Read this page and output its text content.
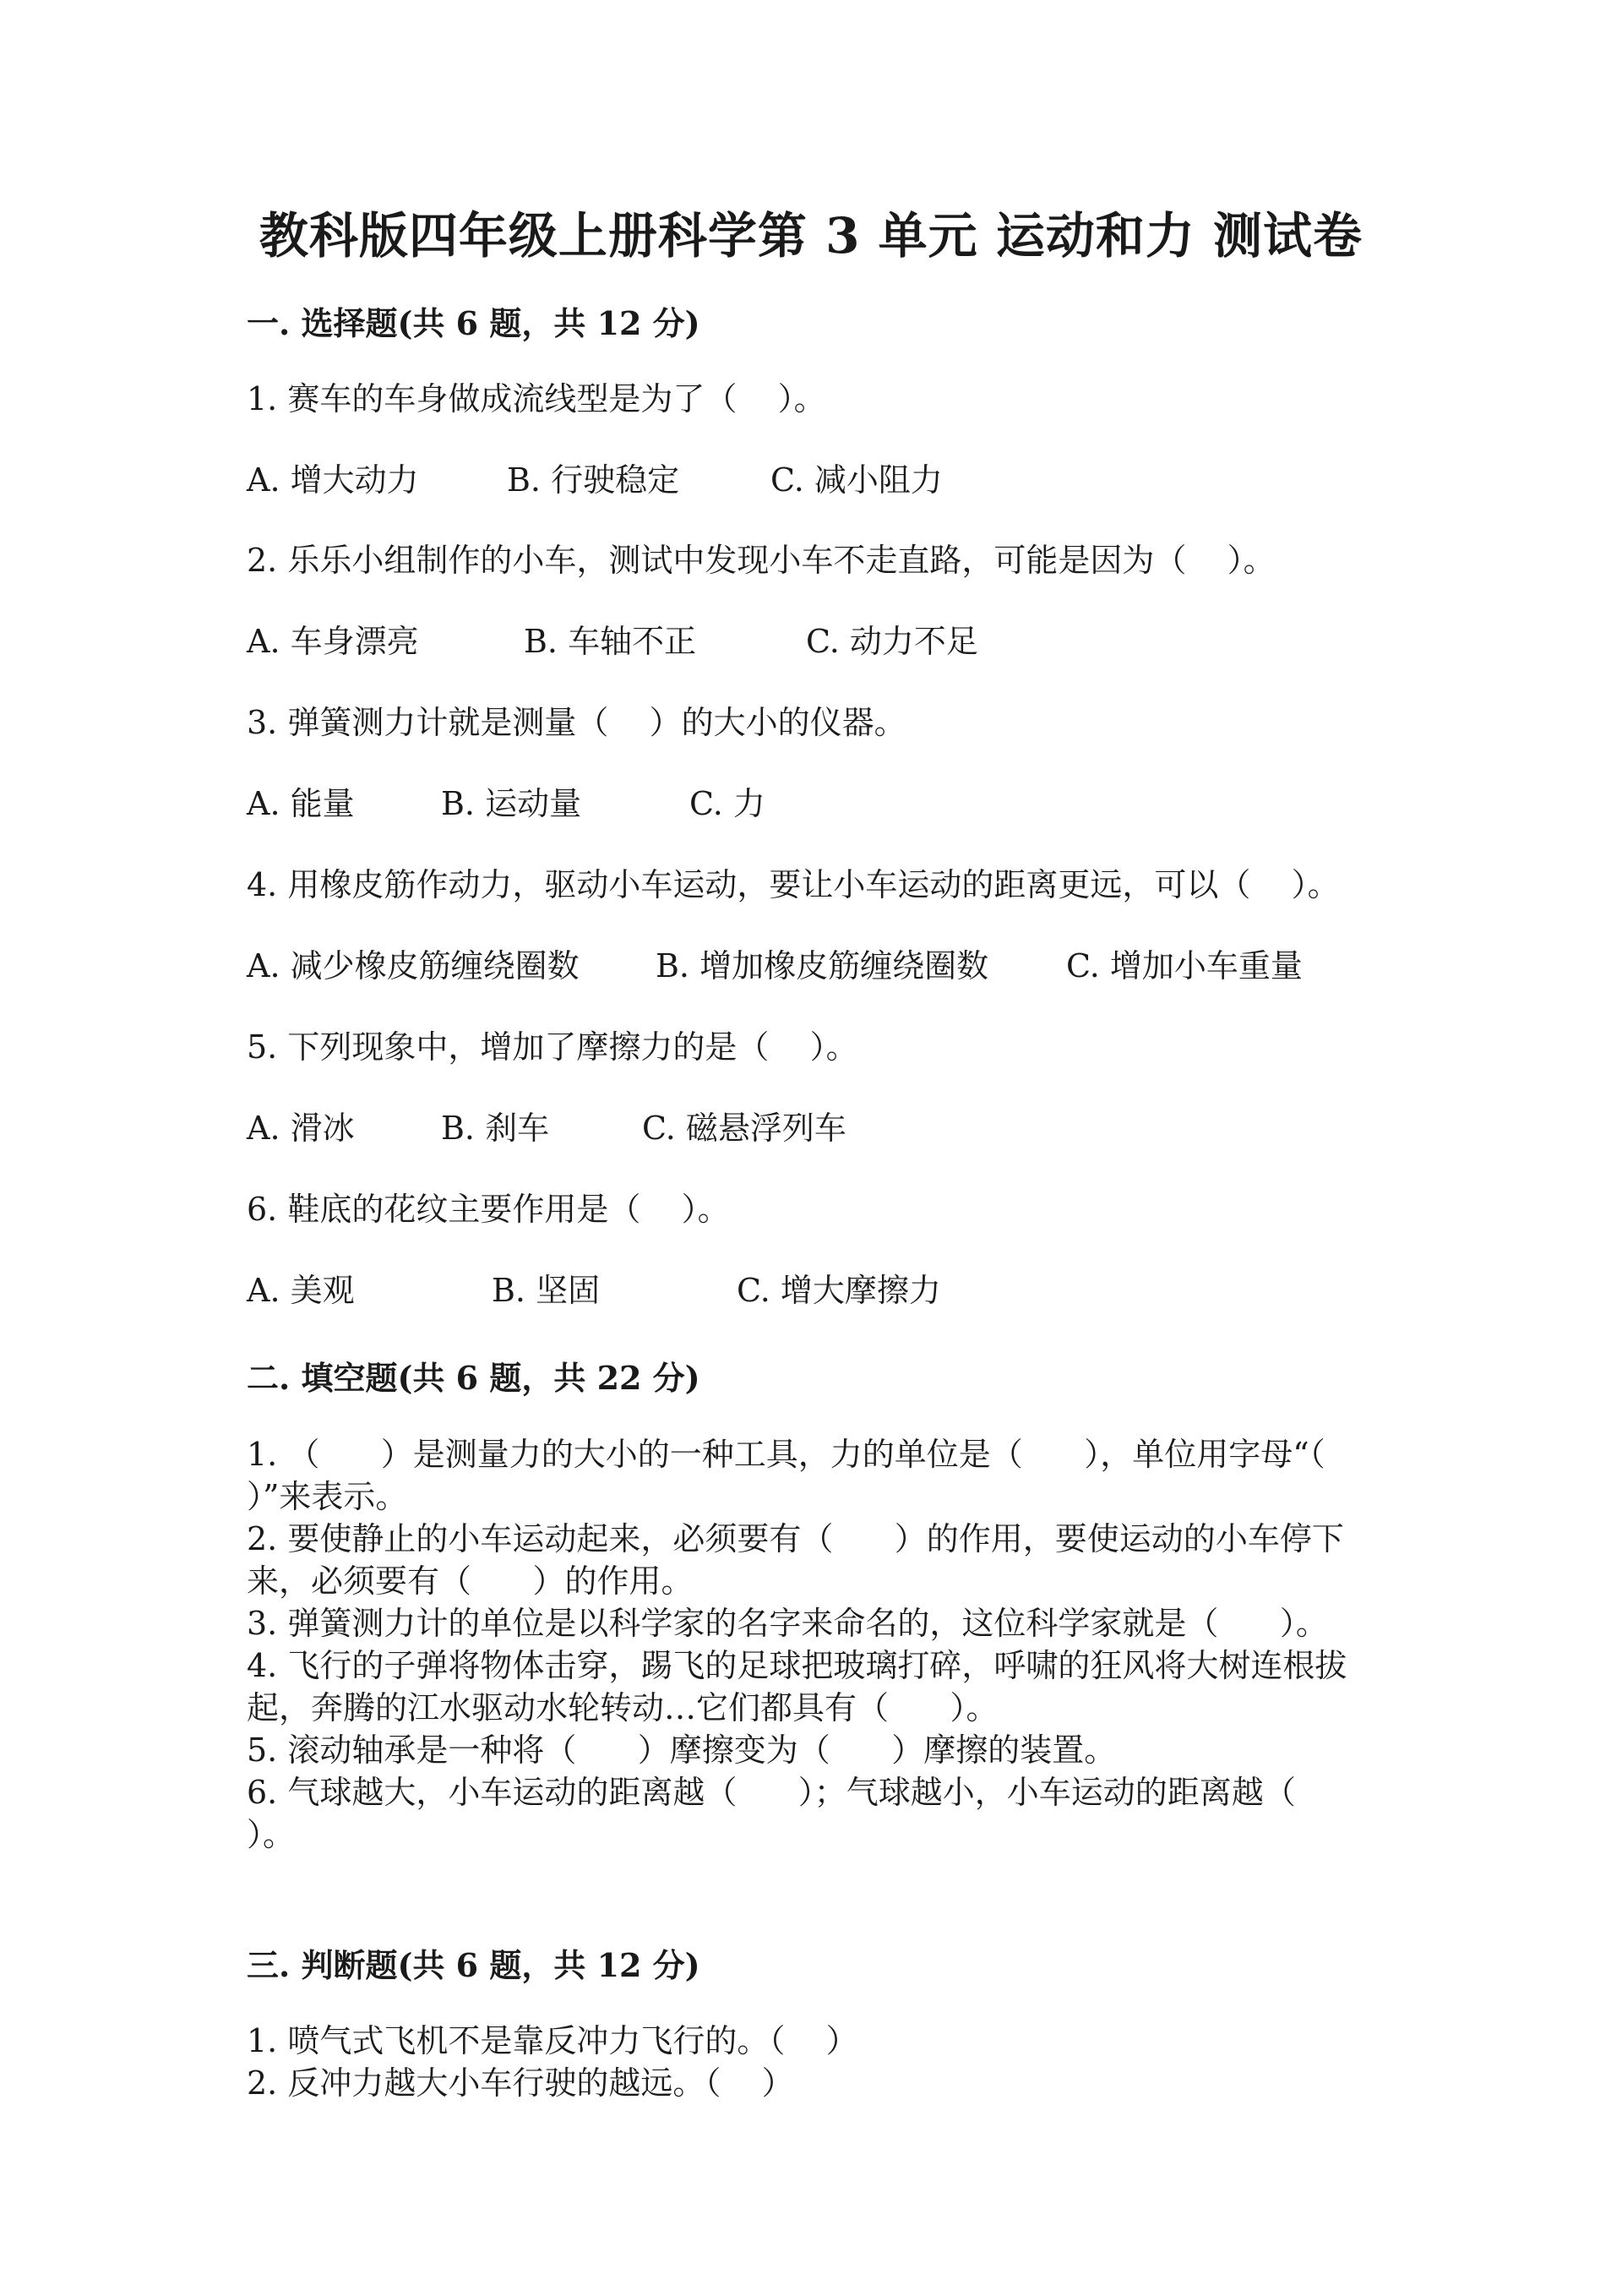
教科版四年级上册科学第 3 单元 运动和力 测试卷
一. 选择题(共 6 题，共 12 分)
1. 赛车的车身做成流线型是为了（    ）。
A. 增大动力	B. 行驶稳定	C. 减小阻力
2. 乐乐小组制作的小车，测试中发现小车不走直路，可能是因为（    ）。
A. 车身漂亮	B. 车轴不正	C. 动力不足
3. 弹簧测力计就是测量（    ）的大小的仪器。
A. 能量	B. 运动量	C. 力
4. 用橡皮筋作动力，驱动小车运动，要让小车运动的距离更远，可以（    ）。
A. 减少橡皮筋缠绕圈数 B. 增加橡皮筋缠绕圈数 C. 增加小车重量
5. 下列现象中，增加了摩擦力的是（    ）。
A. 滑冰	B. 刹车	C. 磁悬浮列车
6. 鞋底的花纹主要作用是（    ）。
A. 美观	B. 坚固	C. 增大摩擦力
二. 填空题(共 6 题，共 22 分)
1. （      ）是测量力的大小的一种工具，力的单位是（      ），单位用字母“（      ）”来表示。
2. 要使静止的小车运动起来，必须要有（      ）的作用，要使运动的小车停下来，必须要有（      ）的作用。
3. 弹簧测力计的单位是以科学家的名字来命名的，这位科学家就是（      ）。
4. 飞行的子弹将物体击穿，踢飞的足球把玻璃打碎，呼啸的狂风将大树连根拔起，奔腾的江水驱动水轮转动…它们都具有（      ）。
5. 滚动轴承是一种将（      ）摩擦变为（      ）摩擦的装置。
6. 气球越大，小车运动的距离越（      ）；气球越小，小车运动的距离越（      ）。
三. 判断题(共 6 题，共 12 分)
1. 喷气式飞机不是靠反冲力飞行的。（    ）
2. 反冲力越大小车行驶的越远。（    ）
